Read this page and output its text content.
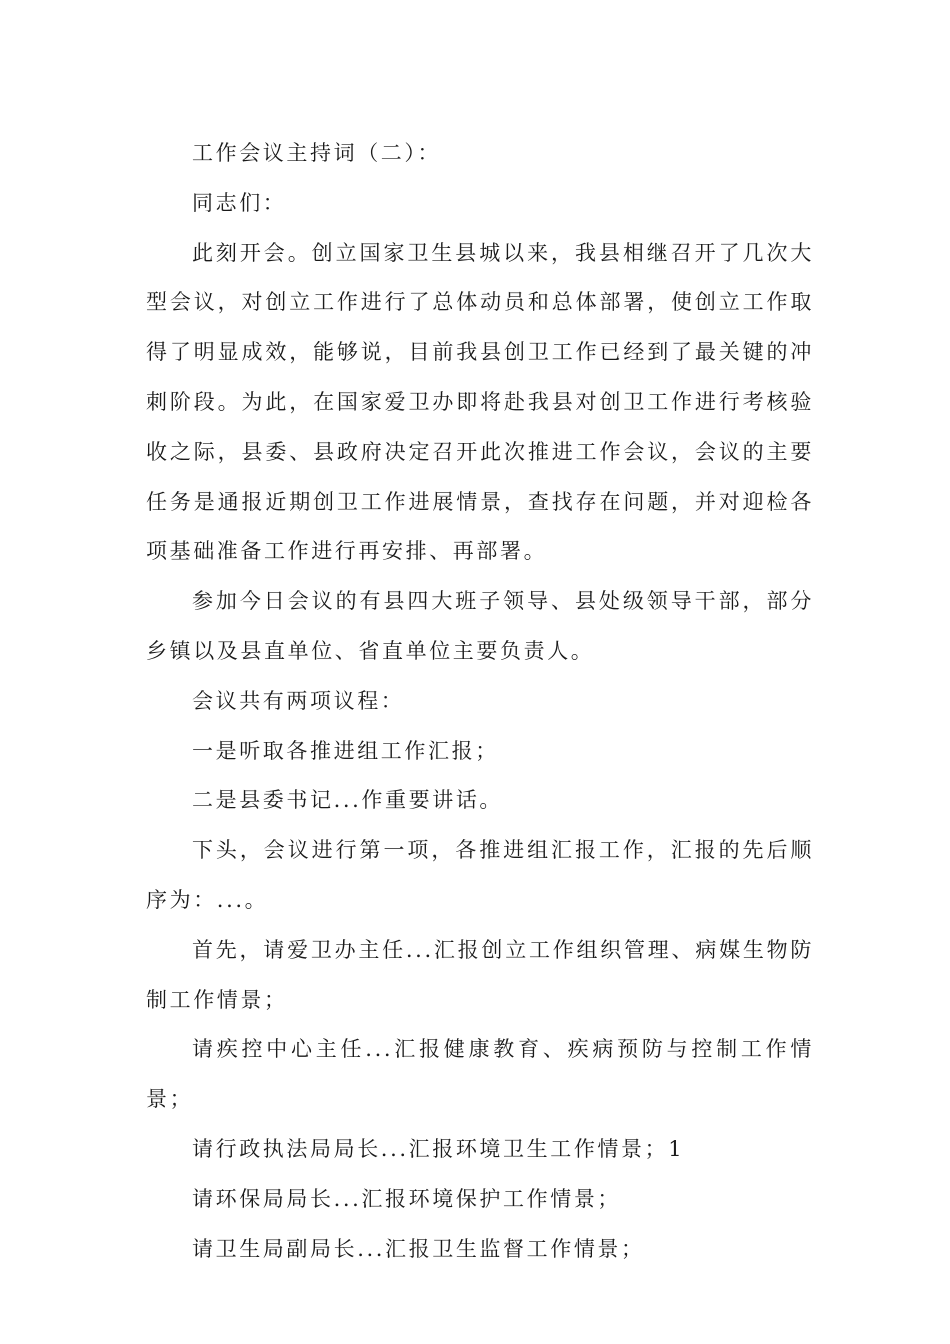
工作会议主持词（二）：

同志们：

此刻开会。创立国家卫生县城以来，我县相继召开了几次大型会议，对创立工作进行了总体动员和总体部署，使创立工作取得了明显成效，能够说，目前我县创卫工作已经到了最关键的冲刺阶段。为此，在国家爱卫办即将赴我县对创卫工作进行考核验收之际，县委、县政府决定召开此次推进工作会议，会议的主要任务是通报近期创卫工作进展情景，查找存在问题，并对迎检各项基础准备工作进行再安排、再部署。

参加今日会议的有县四大班子领导、县处级领导干部，部分乡镇以及县直单位、省直单位主要负责人。

会议共有两项议程：

一是听取各推进组工作汇报；

二是县委书记...作重要讲话。

下头，会议进行第一项，各推进组汇报工作，汇报的先后顺序为：...。

首先，请爱卫办主任...汇报创立工作组织管理、病媒生物防制工作情景；

请疾控中心主任...汇报健康教育、疾病预防与控制工作情景；

请行政执法局局长...汇报环境卫生工作情景；1

请环保局局长...汇报环境保护工作情景；

请卫生局副局长...汇报卫生监督工作情景；
